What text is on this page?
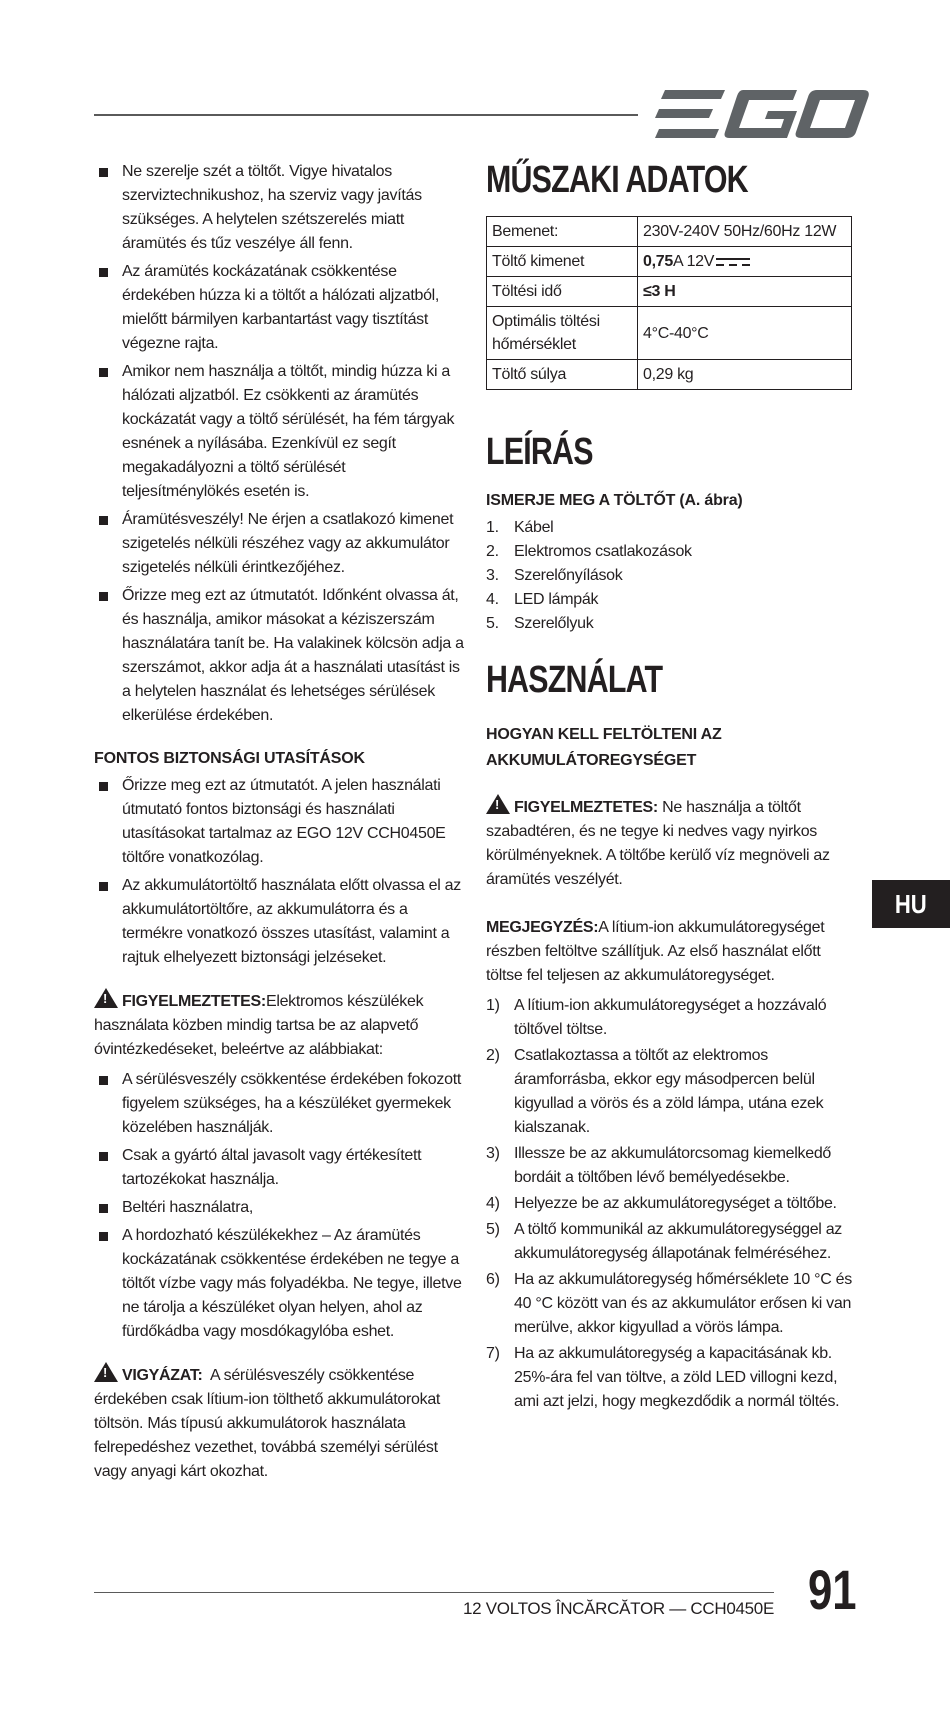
Ne szerelje szét a töltőt. Vigye hivatalos szerviztechnikushoz, ha szerviz vagy javítás szükséges. A helytelen szétszerelés miatt áramütés és tűz veszélye áll fenn.
Az áramütés kockázatának csökkentése érdekében húzza ki a töltőt a hálózati aljzatból, mielőtt bármilyen karbantartást vagy tisztítást végezne rajta.
Amikor nem használja a töltőt, mindig húzza ki a hálózati aljzatból. Ez csökkenti az áramütés kockázatát vagy a töltő sérülését, ha fém tárgyak esnének a nyílásába. Ezenkívül ez segít megakadályozni a töltő sérülését teljesítménylökés esetén is.
Áramütésveszély! Ne érjen a csatlakozó kimenet szigetelés nélküli részéhez vagy az akkumulátor szigetelés nélküli érintkezőjéhez.
Őrizze meg ezt az útmutatót. Időnként olvassa át, és használja, amikor másokat a kéziszerszám használatára tanít be. Ha valakinek kölcsön adja a szerszámot, akkor adja át a használati utasítást is a helytelen használat és lehetséges sérülések elkerülése érdekében.
FONTOS BIZTONSÁGI UTASÍTÁSOK
Őrizze meg ezt az útmutatót. A jelen használati útmutató fontos biztonsági és használati utasításokat tartalmaz az EGO 12V CCH0450E töltőre vonatkozólag.
Az akkumulátortöltő használata előtt olvassa el az akkumulátortöltőre, az akkumulátorra és a termékre vonatkozó összes utasítást, valamint a rajtuk elhelyezett biztonsági jelzéseket.

!FIGYELMEZTETES:Elektromos készülékek használata közben mindig tartsa be az alapvető óvintézkedéseket, beleértve az alábbiakat:

A sérülésveszély csökkentése érdekében fokozott figyelem szükséges, ha a készüléket gyermekek közelében használják.
Csak a gyártó által javasolt vagy értékesített tartozékokat használja.
Beltéri használatra,
A hordozható készülékekhez – Az áramütés kockázatának csökkentése érdekében ne tegye a töltőt vízbe vagy más folyadékba. Ne tegye, illetve ne tárolja a készüléket olyan helyen, ahol az fürdőkádba vagy mosdókagylóba eshet.

!VIGYÁZAT: A sérülésveszély csökkentése érdekében csak lítium-ion tölthető akkumulátorokat töltsön. Más típusú akkumulátorok használata felrepedéshez vezethet, továbbá személyi sérülést vagy anyagi kárt okozhat.

MŰSZAKI ADATOK
Bemenet:	230V-240V 50Hz/60Hz 12W
Töltő kimenet	0,75A 12V
Töltési idő	≤3 H
Optimális töltési hőmérséklet	4°C-40°C
Töltő súlya	0,29 kg
LEÍRÁS
ISMERJE MEG A TÖLTŐT (A. ábra)
1. Kábel
2. Elektromos csatlakozások
3. Szerelőnyílások
4. LED lámpák
5. Szerelőlyuk
HASZNÁLAT
HOGYAN KELL FELTÖLTENI AZ AKKUMULÁTOREGYSÉGET

!FIGYELMEZTETES: Ne használja a töltőt szabadtéren, és ne tegye ki nedves vagy nyirkos körülményeknek. A töltőbe kerülő víz megnöveli az áramütés veszélyét.

MEGJEGYZÉS:A lítium-ion akkumulátoregységet részben feltöltve szállítjuk. Az első használat előtt töltse fel teljesen az akkumulátoregységet.

1) A lítium-ion akkumulátoregységet a hozzávaló töltővel töltse.
2) Csatlakoztassa a töltőt az elektromos áramforrásba, ekkor egy másodpercen belül kigyullad a vörös és a zöld lámpa, utána ezek kialszanak.
3) Illessze be az akkumulátorcsomag kiemelkedő bordáit a töltőben lévő bemélyedésekbe.
4) Helyezze be az akkumulátoregységet a töltőbe.
5) A töltő kommunikál az akkumulátoregységgel az akkumulátoregység állapotának felméréséhez.
6) Ha az akkumulátoregység hőmérséklete 10 °C és 40 °C között van és az akkumulátor erősen ki van merülve, akkor kigyullad a vörös lámpa.
7) Ha az akkumulátoregység a kapacitásának kb. 25%-ára fel van töltve, a zöld LED villogni kezd, ami azt jelzi, hogy megkezdődik a normál töltés.
HU
12 VOLTOS ÎNCĂRCĂTOR — CCH0450E 91
